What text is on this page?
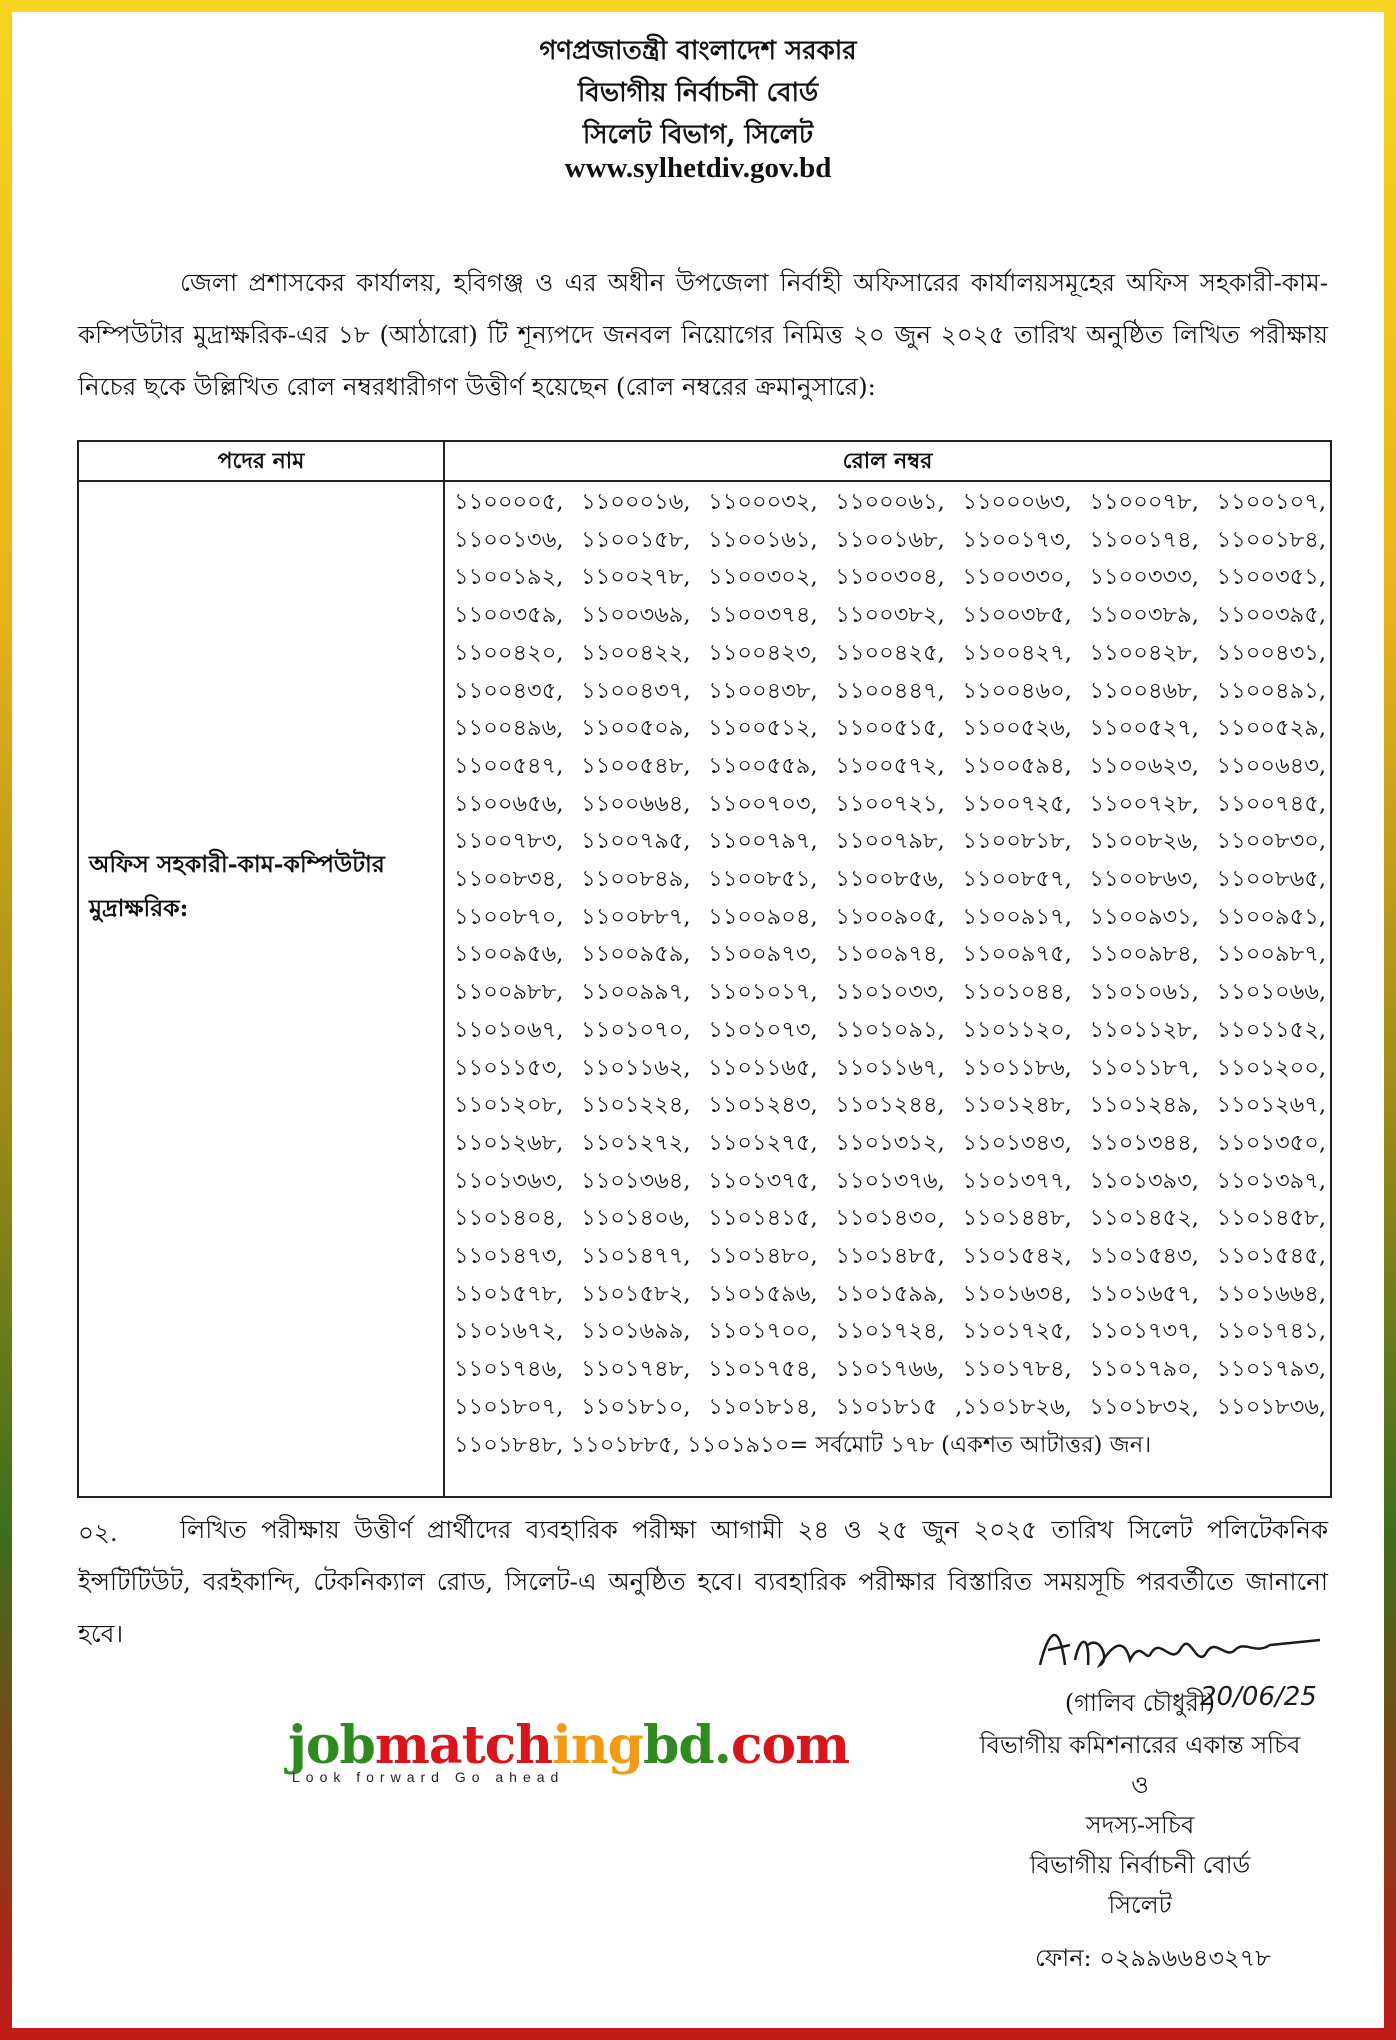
গণপ্রজাতন্ত্রী বাংলাদেশ সরকার
বিভাগীয় নির্বাচনী বোর্ড
সিলেট বিভাগ, সিলেট
www.sylhetdiv.gov.bd
জেলা প্রশাসকের কার্যালয়, হবিগঞ্জ ও এর অধীন উপজেলা নির্বাহী অফিসারের কার্যালয়সমূহের অফিস সহকারী-কাম-কম্পিউটার মুদ্রাক্ষরিক-এর ১৮ (আঠারো) টি শূন্যপদে জনবল নিয়োগের নিমিত্ত ২০ জুন ২০২৫ তারিখ অনুষ্ঠিত লিখিত পরীক্ষায় নিচের ছকে উল্লিখিত রোল নম্বরধারীগণ উত্তীর্ণ হয়েছেন (রোল নম্বরের ক্রমানুসারে):
পদের নাম	রোল নম্বর
অফিস সহকারী-কাম-কম্পিউটার মুদ্রাক্ষরিক:
১১০০০০৫, ১১০০০১৬, ১১০০০৩২, ১১০০০৬১, ১১০০০৬৩, ১১০০০৭৮, ১১০০১০৭,
১১০০১৩৬, ১১০০১৫৮, ১১০০১৬১, ১১০০১৬৮, ১১০০১৭৩, ১১০০১৭৪, ১১০০১৮৪,
১১০০১৯২, ১১০০২৭৮, ১১০০৩০২, ১১০০৩০৪, ১১০০৩৩০, ১১০০৩৩৩, ১১০০৩৫১,
১১০০৩৫৯, ১১০০৩৬৯, ১১০০৩৭৪, ১১০০৩৮২, ১১০০৩৮৫, ১১০০৩৮৯, ১১০০৩৯৫,
১১০০৪২০, ১১০০৪২২, ১১০০৪২৩, ১১০০৪২৫, ১১০০৪২৭, ১১০০৪২৮, ১১০০৪৩১,
১১০০৪৩৫, ১১০০৪৩৭, ১১০০৪৩৮, ১১০০৪৪৭, ১১০০৪৬০, ১১০০৪৬৮, ১১০০৪৯১,
১১০০৪৯৬, ১১০০৫০৯, ১১০০৫১২, ১১০০৫১৫, ১১০০৫২৬, ১১০০৫২৭, ১১০০৫২৯,
১১০০৫৪৭, ১১০০৫৪৮, ১১০০৫৫৯, ১১০০৫৭২, ১১০০৫৯৪, ১১০০৬২৩, ১১০০৬৪৩,
১১০০৬৫৬, ১১০০৬৬৪, ১১০০৭০৩, ১১০০৭২১, ১১০০৭২৫, ১১০০৭২৮, ১১০০৭৪৫,
১১০০৭৮৩, ১১০০৭৯৫, ১১০০৭৯৭, ১১০০৭৯৮, ১১০০৮১৮, ১১০০৮২৬, ১১০০৮৩০,
১১০০৮৩৪, ১১০০৮৪৯, ১১০০৮৫১, ১১০০৮৫৬, ১১০০৮৫৭, ১১০০৮৬৩, ১১০০৮৬৫,
১১০০৮৭০, ১১০০৮৮৭, ১১০০৯০৪, ১১০০৯০৫, ১১০০৯১৭, ১১০০৯৩১, ১১০০৯৫১,
১১০০৯৫৬, ১১০০৯৫৯, ১১০০৯৭৩, ১১০০৯৭৪, ১১০০৯৭৫, ১১০০৯৮৪, ১১০০৯৮৭,
১১০০৯৮৮, ১১০০৯৯৭, ১১০১০১৭, ১১০১০৩৩, ১১০১০৪৪, ১১০১০৬১, ১১০১০৬৬,
১১০১০৬৭, ১১০১০৭০, ১১০১০৭৩, ১১০১০৯১, ১১০১১২০, ১১০১১২৮, ১১০১১৫২,
১১০১১৫৩, ১১০১১৬২, ১১০১১৬৫, ১১০১১৬৭, ১১০১১৮৬, ১১০১১৮৭, ১১০১২০০,
১১০১২০৮, ১১০১২২৪, ১১০১২৪৩, ১১০১২৪৪, ১১০১২৪৮, ১১০১২৪৯, ১১০১২৬৭,
১১০১২৬৮, ১১০১২৭২, ১১০১২৭৫, ১১০১৩১২, ১১০১৩৪৩, ১১০১৩৪৪, ১১০১৩৫০,
১১০১৩৬৩, ১১০১৩৬৪, ১১০১৩৭৫, ১১০১৩৭৬, ১১০১৩৭৭, ১১০১৩৯৩, ১১০১৩৯৭,
১১০১৪০৪, ১১০১৪০৬, ১১০১৪১৫, ১১০১৪৩০, ১১০১৪৪৮, ১১০১৪৫২, ১১০১৪৫৮,
১১০১৪৭৩, ১১০১৪৭৭, ১১০১৪৮০, ১১০১৪৮৫, ১১০১৫৪২, ১১০১৫৪৩, ১১০১৫৪৫,
১১০১৫৭৮, ১১০১৫৮২, ১১০১৫৯৬, ১১০১৫৯৯, ১১০১৬৩৪, ১১০১৬৫৭, ১১০১৬৬৪,
১১০১৬৭২, ১১০১৬৯৯, ১১০১৭০০, ১১০১৭২৪, ১১০১৭২৫, ১১০১৭৩৭, ১১০১৭৪১,
১১০১৭৪৬, ১১০১৭৪৮, ১১০১৭৫৪, ১১০১৭৬৬, ১১০১৭৮৪, ১১০১৭৯০, ১১০১৭৯৩,
১১০১৮০৭, ১১০১৮১০, ১১০১৮১৪, ১১০১৮১৫ ,১১০১৮২৬, ১১০১৮৩২, ১১০১৮৩৬,
১১০১৮৪৮, ১১০১৮৮৫, ১১০১৯১০= সর্বমোট ১৭৮ (একশত আটাত্তর) জন।
০২.	লিখিত পরীক্ষায় উত্তীর্ণ প্রার্থীদের ব্যবহারিক পরীক্ষা আগামী ২৪ ও ২৫ জুন ২০২৫ তারিখ সিলেট পলিটেকনিক ইন্সটিটিউট, বরইকান্দি, টেকনিক্যাল রোড, সিলেট-এ অনুষ্ঠিত হবে। ব্যবহারিক পরীক্ষার বিস্তারিত সময়সূচি পরবর্তীতে জানানো হবে।
20/06/25
(গালিব চৌধুরী)
বিভাগীয় কমিশনারের একান্ত সচিব
ও
সদস্য-সচিব
বিভাগীয় নির্বাচনী বোর্ড
সিলেট
ফোন: ০২৯৯৬৬৪৩২৭৮
jobmatchingbd.com
Look forward Go ahead
